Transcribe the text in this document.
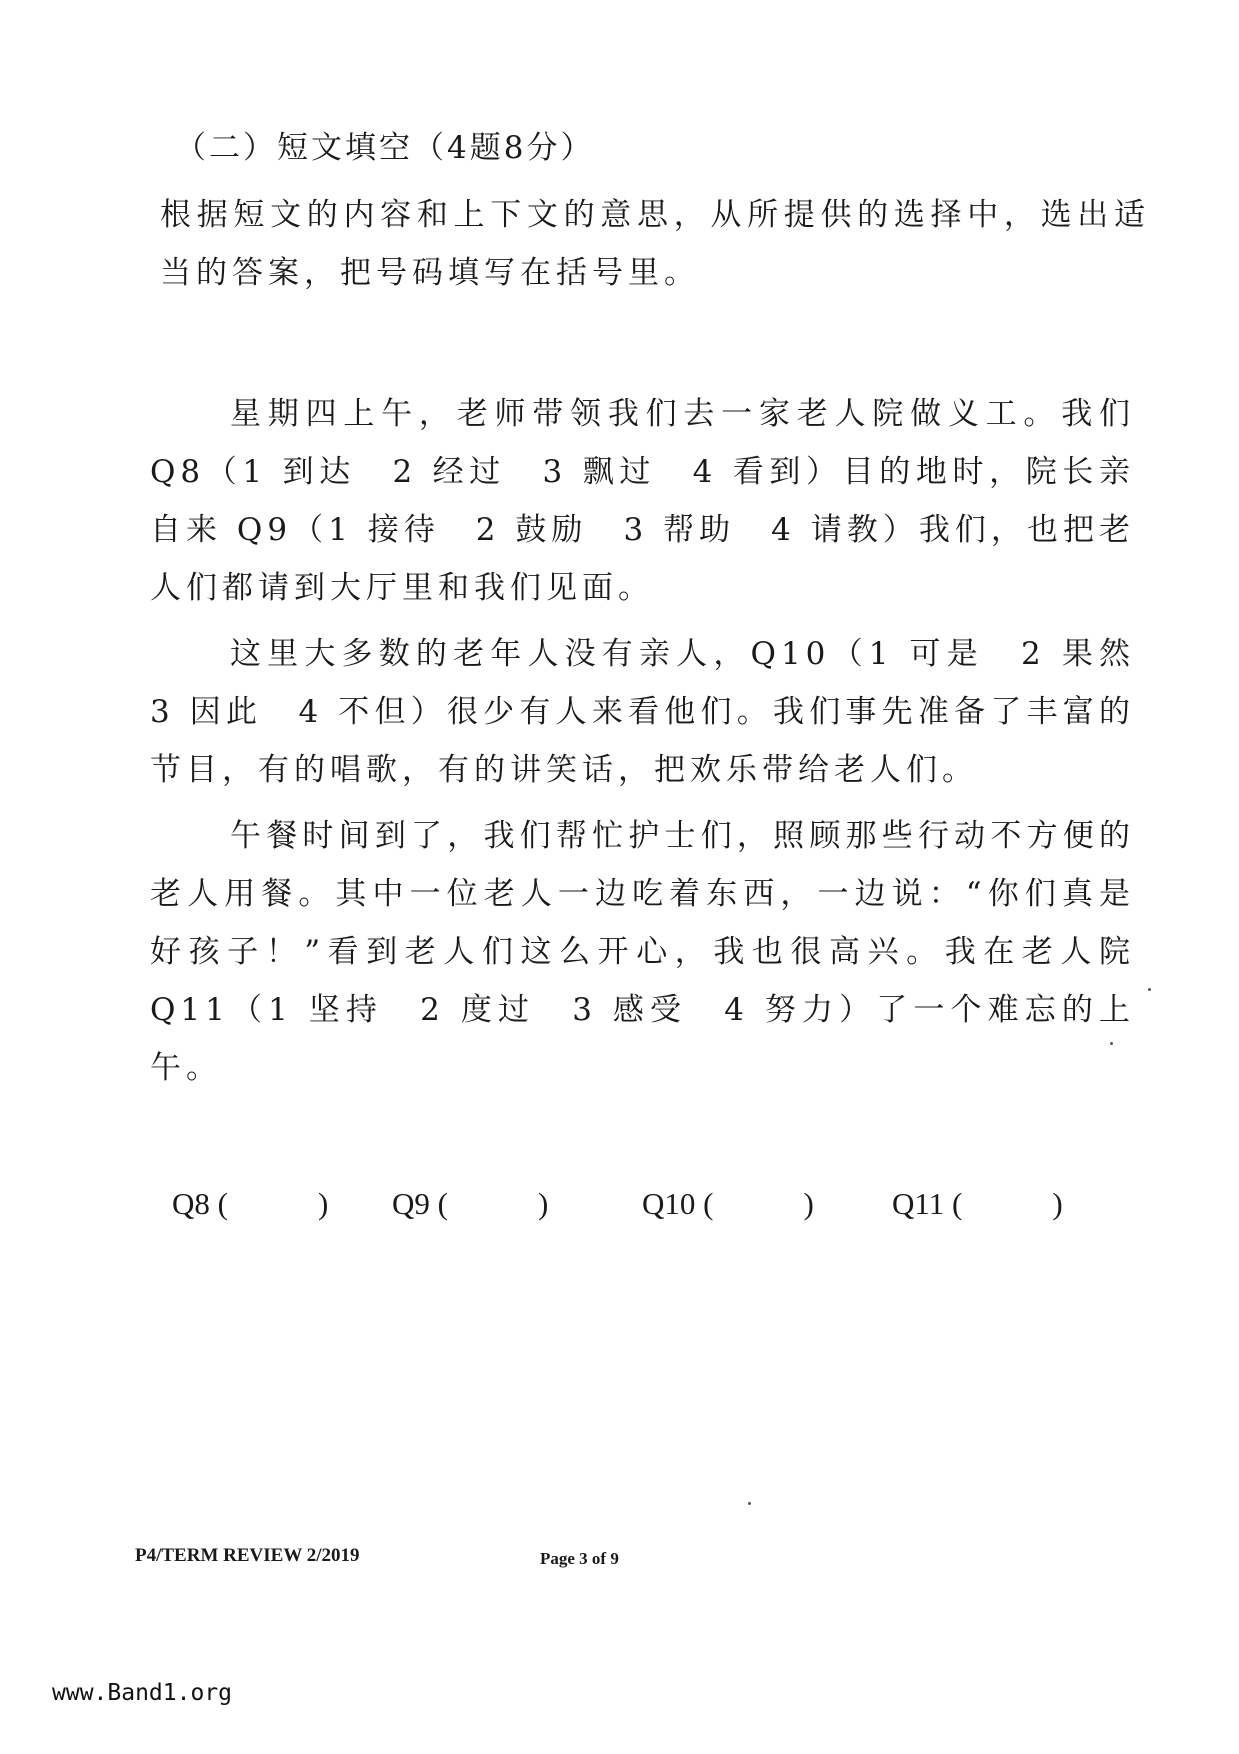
（二）短文填空（4题8分）
根据短文的内容和上下文的意思，从所提供的选择中，选出适当的答案，把号码填写在括号里。

星期四上午，老师带领我们去一家老人院做义工。我们 Q8（1 到达　2 经过　3 飘过　4 看到）目的地时，院长亲自来 Q9（1 接待　2 鼓励　3 帮助　4 请教）我们，也把老人们都请到大厅里和我们见面。

这里大多数的老年人没有亲人，Q10（1 可是　2 果然　3 因此　4 不但）很少有人来看他们。我们事先准备了丰富的节目，有的唱歌，有的讲笑话，把欢乐带给老人们。

午餐时间到了，我们帮忙护士们，照顾那些行动不方便的老人用餐。其中一位老人一边吃着东西，一边说：“你们真是好孩子！”看到老人们这么开心，我也很高兴。我在老人院 Q11（1 坚持　2 度过　3 感受　4 努力）了一个难忘的上午。

Q8 ( _ ) Q9 ( _ )	Q10 ( _ )	Q11 ( _ )
P4/TERM REVIEW 2/2019	Page 3 of 9
www.Band1.org
